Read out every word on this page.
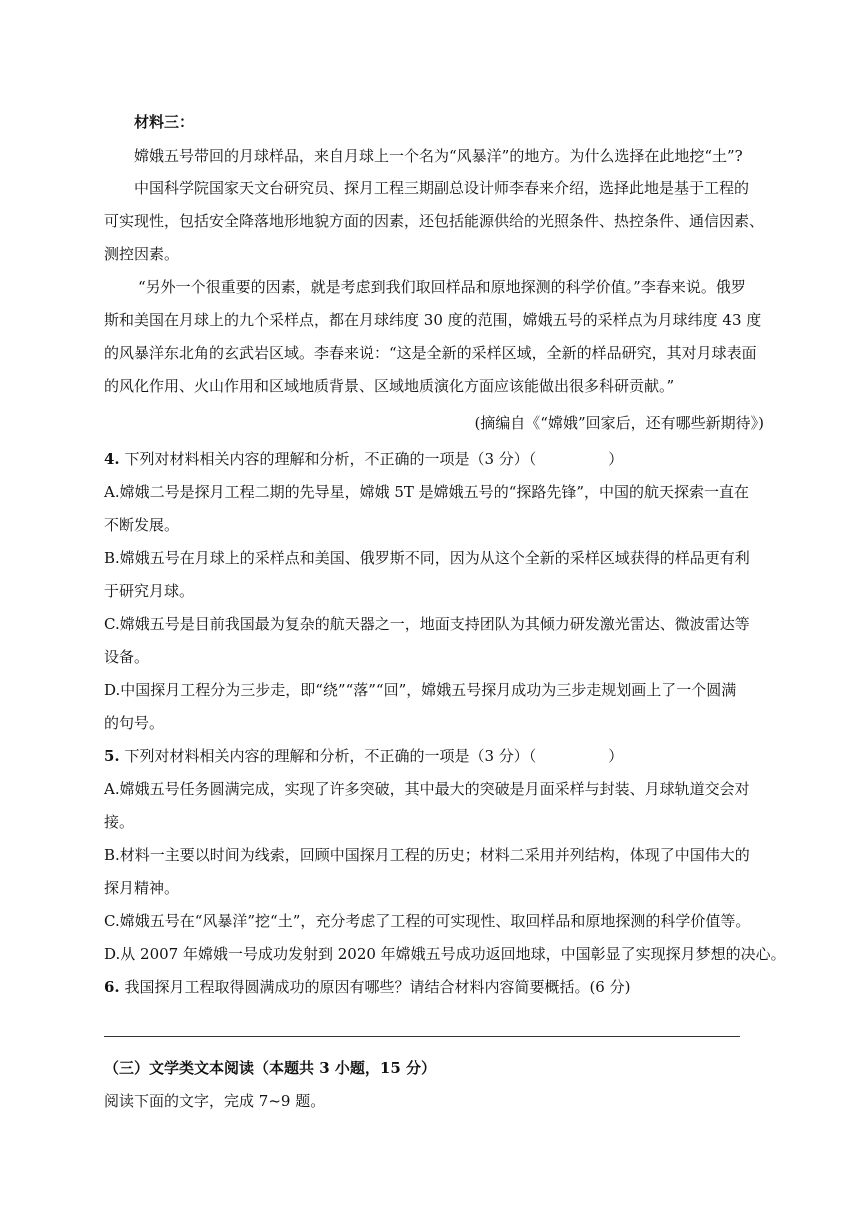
材料三：
嫦娥五号带回的月球样品，来自月球上一个名为“风暴洋”的地方。为什么选择在此地挖“土”?
中国科学院国家天文台研究员、探月工程三期副总设计师李春来介绍，选择此地是基于工程的
可实现性，包括安全降落地形地貌方面的因素，还包括能源供给的光照条件、热控条件、通信因素、
测控因素。
“另外一个很重要的因素，就是考虑到我们取回样品和原地探测的科学价值。”李春来说。俄罗
斯和美国在月球上的九个采样点，都在月球纬度 30 度的范围，嫦娥五号的采样点为月球纬度 43 度
的风暴洋东北角的玄武岩区域。李春来说：“这是全新的采样区域，全新的样品研究，其对月球表面
的风化作用、火山作用和区域地质背景、区域地质演化方面应该能做出很多科研贡献。”
(摘编自《“嫦娥”回家后，还有哪些新期待》)
4. 下列对材料相关内容的理解和分析，不正确的一项是（3 分）（	）
A.嫦娥二号是探月工程二期的先导星，嫦娥 5T 是嫦娥五号的“探路先锋”，中国的航天探索一直在
不断发展。
B.嫦娥五号在月球上的采样点和美国、俄罗斯不同，因为从这个全新的采样区域获得的样品更有利
于研究月球。
C.嫦娥五号是目前我国最为复杂的航天器之一，地面支持团队为其倾力研发激光雷达、微波雷达等
设备。
D.中国探月工程分为三步走，即“绕”“落”“回”，嫦娥五号探月成功为三步走规划画上了一个圆满
的句号。
5. 下列对材料相关内容的理解和分析，不正确的一项是（3 分）（	）
A.嫦娥五号任务圆满完成，实现了许多突破，其中最大的突破是月面采样与封装、月球轨道交会对
接。
B.材料一主要以时间为线索，回顾中国探月工程的历史；材料二采用并列结构，体现了中国伟大的
探月精神。
C.嫦娥五号在“风暴洋”挖“土”，充分考虑了工程的可实现性、取回样品和原地探测的科学价值等。
D.从 2007 年嫦娥一号成功发射到 2020 年嫦娥五号成功返回地球，中国彰显了实现探月梦想的决心。
6. 我国探月工程取得圆满成功的原因有哪些？请结合材料内容简要概括。(6 分)
（三）文学类文本阅读（本题共 3 小题，15 分）
阅读下面的文字，完成 7~9 题。
